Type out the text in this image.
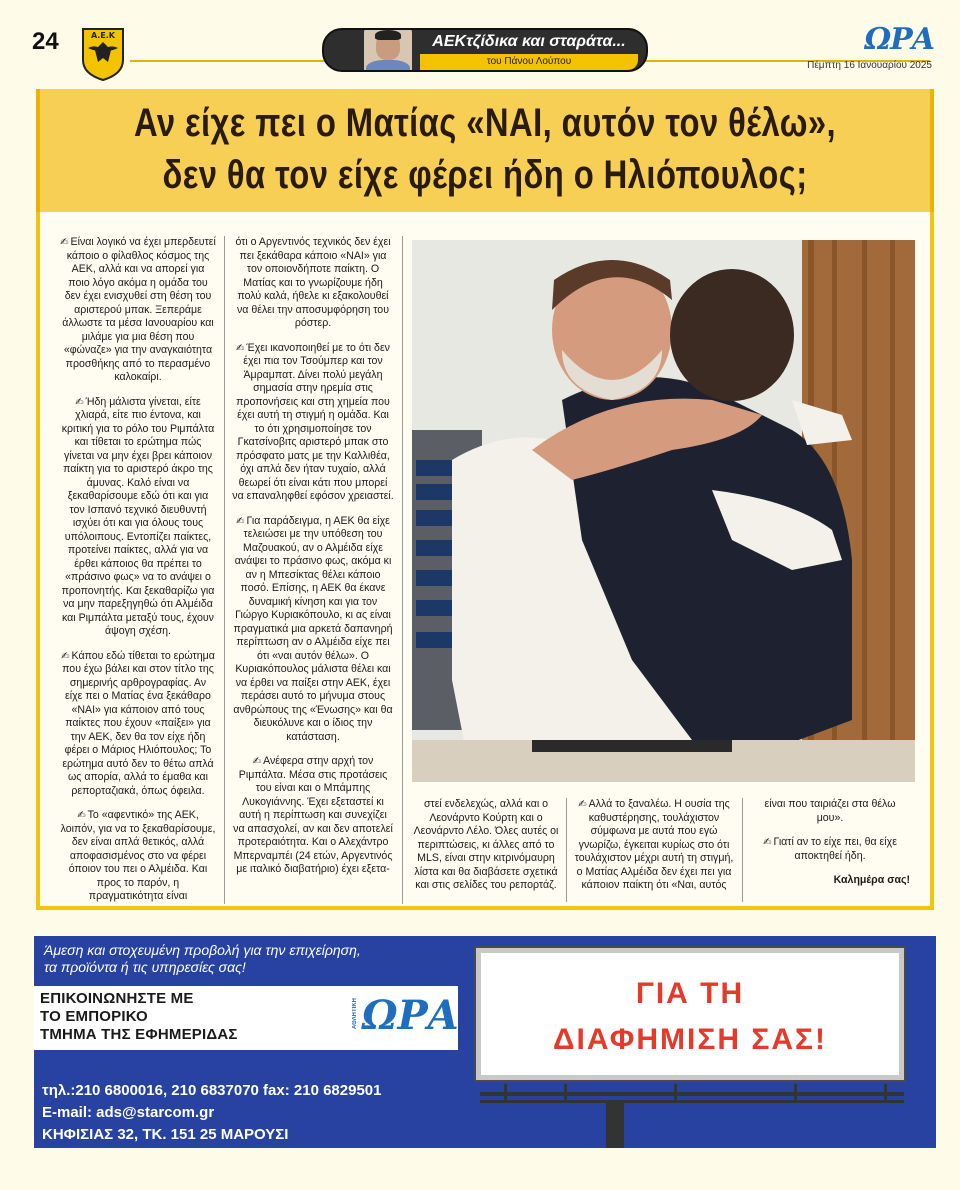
24	Α.Ε.Κ	AEKτζίδικα και σταράτα...
του Πάνου Λούπου
ΩΡΑ
Πέμπτη 16 Ιανουαρίου 2025
Αν είχε πει ο Ματίας «ΝΑΙ, αυτόν τον θέλω»,
δεν θα τον είχε φέρει ήδη ο Ηλιόπουλος;

✍ Είναι λογικό να έχει μπερδευτεί κάποιο ο φίλαθλος κόσμος της ΑΕΚ, αλλά και να απορεί για ποιο λόγο ακόμα η ομάδα του δεν έχει ενισχυθεί στη θέση του αριστερού μπακ. Ξεπεράμε άλλωστε τα μέσα Ιανουαρίου και μιλάμε για μια θέση που «φώναζε» για την αναγκαιότητα προσθήκης από το περασμένο καλοκαίρι.

✍ Ήδη μάλιστα γίνεται, είτε χλιαρά, είτε πιο έντονα, και κριτική για το ρόλο του Ριμπάλτα και τίθεται το ερώτημα πώς γίνεται να μην έχει βρει κάποιον παίκτη για το αριστερό άκρο της άμυνας. Καλό είναι να ξεκαθαρίσουμε εδώ ότι και για τον Ισπανό τεχνικό διευθυντή ισχύει ότι και για όλους τους υπόλοιπους. Εντοπίζει παίκτες, προτείνει παίκτες, αλλά για να έρθει κάποιος θα πρέπει το «πράσινο φως» να το ανάψει ο προπονητής. Και ξεκαθαρίζω για να μην παρεξηγηθώ ότι Αλμέιδα και Ριμπάλτα μεταξύ τους, έχουν άψογη σχέση.

✍ Κάπου εδώ τίθεται το ερώτημα που έχω βάλει και στον τίτλο της σημερινής αρθρογραφίας. Αν είχε πει ο Ματίας ένα ξεκάθαρο «ΝΑΙ» για κάποιον από τους παίκτες που έχουν «παίξει» για την ΑΕΚ, δεν θα τον είχε ήδη φέρει ο Μάριος Ηλιόπουλος; Το ερώτημα αυτό δεν το θέτω απλά ως απορία, αλλά το έμαθα και ρεπορταζιακά, όπως όφειλα.

✍ Το «αφεντικό» της ΑΕΚ, λοιπόν, για να το ξεκαθαρίσουμε, δεν είναι απλά θετικός, αλλά αποφασισμένος στο να φέρει όποιον του πει ο Αλμέιδα. Και προς το παρόν, η πραγματικότητα είναι

ότι ο Αργεντινός τεχνικός δεν έχει πει ξεκάθαρα κάποιο «ΝΑΙ» για τον οποιονδήποτε παίκτη. Ο Ματίας και το γνωρίζουμε ήδη πολύ καλά, ήθελε κι εξακολουθεί να θέλει την αποσυμφόρηση του ρόστερ.

✍ Έχει ικανοποιηθεί με το ότι δεν έχει πια τον Τσούμπερ και τον Άμραμπατ. Δίνει πολύ μεγάλη σημασία στην ηρεμία στις προπονήσεις και στη χημεία που έχει αυτή τη στιγμή η ομάδα. Και το ότι χρησιμοποίησε τον Γκατσίνοβιτς αριστερό μπακ στο πρόσφατο ματς με την Καλλιθέα, όχι απλά δεν ήταν τυχαίο, αλλά θεωρεί ότι είναι κάτι που μπορεί να επαναληφθεί εφόσον χρειαστεί.

✍ Για παράδειγμα, η ΑΕΚ θα είχε τελειώσει με την υπόθεση του Μαζουακού, αν ο Αλμέιδα είχε ανάψει το πράσινο φως, ακόμα κι αν η Μπεσίκτας θέλει κάποιο ποσό. Επίσης, η ΑΕΚ θα έκανε δυναμική κίνηση και για τον Γιώργο Κυριακόπουλο, κι ας είναι πραγματικά μια αρκετά δαπανηρή περίπτωση αν ο Αλμέιδα είχε πει ότι «ναι αυτόν θέλω». Ο Κυριακόπουλος μάλιστα θέλει και να έρθει να παίξει στην ΑΕΚ, έχει περάσει αυτό το μήνυμα στους ανθρώπους της «Ένωσης» και θα διευκόλυνε και ο ίδιος την κατάσταση.

✍ Ανέφερα στην αρχή τον Ριμπάλτα. Μέσα στις προτάσεις του είναι και ο Μπάμπης Λυκογιάννης. Έχει εξεταστεί κι αυτή η περίπτωση και συνεχίζει να απασχολεί, αν και δεν αποτελεί προτεραιότητα. Και ο Αλεχάντρο Μπερναμπέι (24 ετών, Αργεντινός με ιταλικό διαβατήριο) έχει εξετα-

στεί ενδελεχώς, αλλά και ο Λεονάρντο Κούρτη και ο Λεονάρντο Λέλο. Όλες αυτές οι περιπτώσεις, κι άλλες από το MLS, είναι στην κιτρινόμαυρη λίστα και θα διαβάσετε σχετικά και στις σελίδες του ρεπορτάζ.

✍ Αλλά το ξαναλέω. Η ουσία της καθυστέρησης, τουλάχιστον σύμφωνα με αυτά που εγώ γνωρίζω, έγκειται κυρίως στο ότι τουλάχιστον μέχρι αυτή τη στιγμή, ο Ματίας Αλμέιδα δεν έχει πει για κάποιον παίκτη ότι «Ναι, αυτός

είναι που ταιριάζει στα θέλω μου».

✍ Γιατί αν το είχε πει, θα είχε αποκτηθεί ήδη.

Καλημέρα σας!

Άμεση και στοχευμένη προβολή για την επιχείρηση,
τα προϊόντα ή τις υπηρεσίες σας!
ΕΠΙΚΟΙΝΩΝΗΣΤΕ ΜΕ
ΤΟ ΕΜΠΟΡΙΚΟ
ΤΜΗΜΑ ΤΗΣ ΕΦΗΜΕΡΙΔΑΣ
ΑΘΛΗΤΙΚΗ ΩΡΑ
τηλ.:210 6800016, 210 6837070 fax: 210 6829501
E-mail: ads@starcom.gr
ΚΗΦΙΣΙΑΣ 32, ΤΚ. 151 25 ΜΑΡΟΥΣΙ
ΓΙΑ ΤΗ
ΔΙΑΦΗΜΙΣΗ ΣΑΣ!
